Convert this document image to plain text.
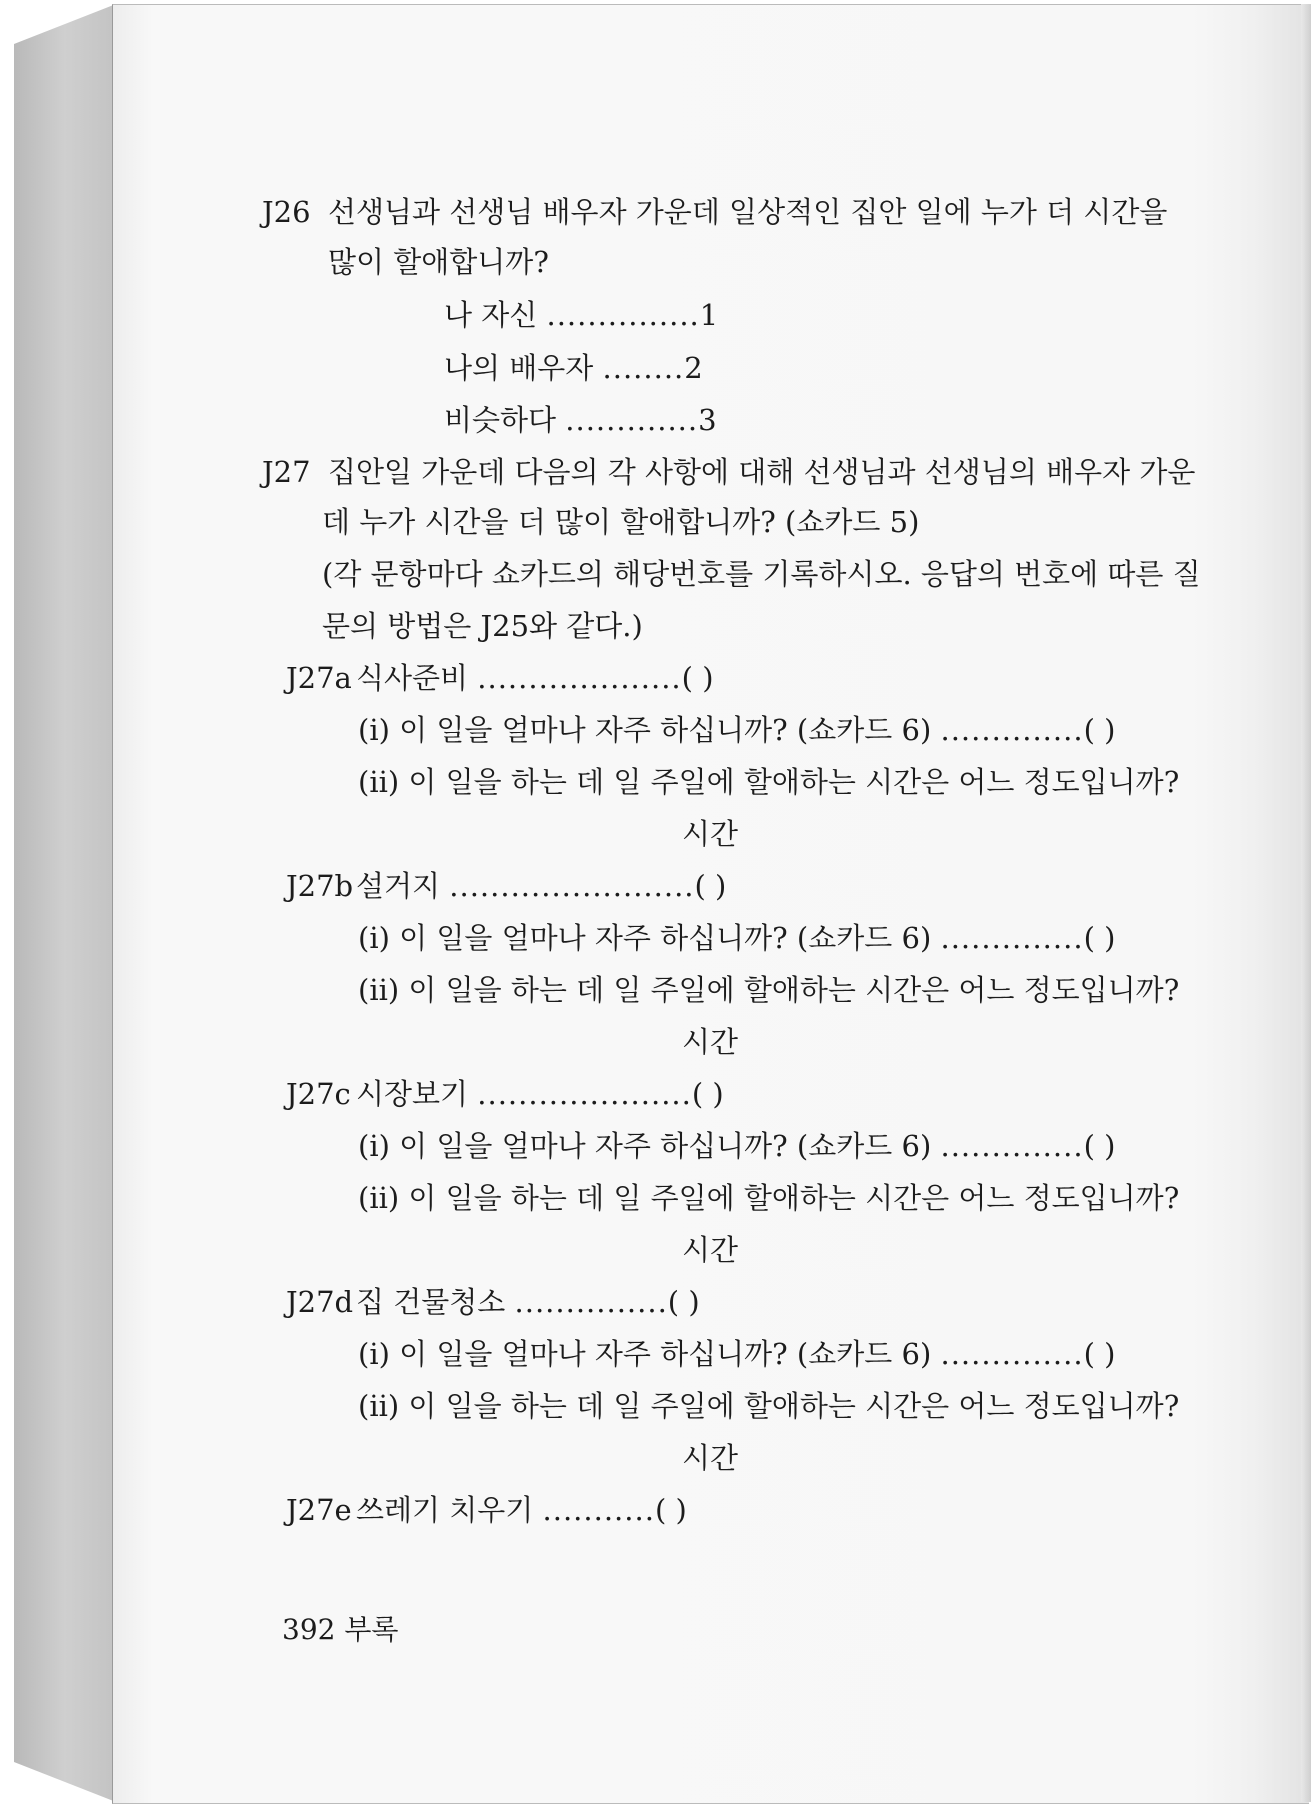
J26 선생님과 선생님 배우자 가운데 일상적인 집안 일에 누가 더 시간을
많이 할애합니까?
나 자신 ...............1
나의 배우자 ........2
비슷하다 .............3
J27 집안일 가운데 다음의 각 사항에 대해 선생님과 선생님의 배우자 가운
데 누가 시간을 더 많이 할애합니까? (쇼카드 5)
(각 문항마다 쇼카드의 해당번호를 기록하시오. 응답의 번호에 따른 질
문의 방법은 J25와 같다.)
J27a 식사준비 ....................( )
(i) 이 일을 얼마나 자주 하십니까? (쇼카드 6) ..............( )
(ii) 이 일을 하는 데 일 주일에 할애하는 시간은 어느 정도입니까?
시간
J27b 설거지 ........................( )
(i) 이 일을 얼마나 자주 하십니까? (쇼카드 6) ..............( )
(ii) 이 일을 하는 데 일 주일에 할애하는 시간은 어느 정도입니까?
시간
J27c 시장보기 .....................( )
(i) 이 일을 얼마나 자주 하십니까? (쇼카드 6) ..............( )
(ii) 이 일을 하는 데 일 주일에 할애하는 시간은 어느 정도입니까?
시간
J27d 집 건물청소 ...............( )
(i) 이 일을 얼마나 자주 하십니까? (쇼카드 6) ..............( )
(ii) 이 일을 하는 데 일 주일에 할애하는 시간은 어느 정도입니까?
시간
J27e 쓰레기 치우기 ...........( )
392 부록
